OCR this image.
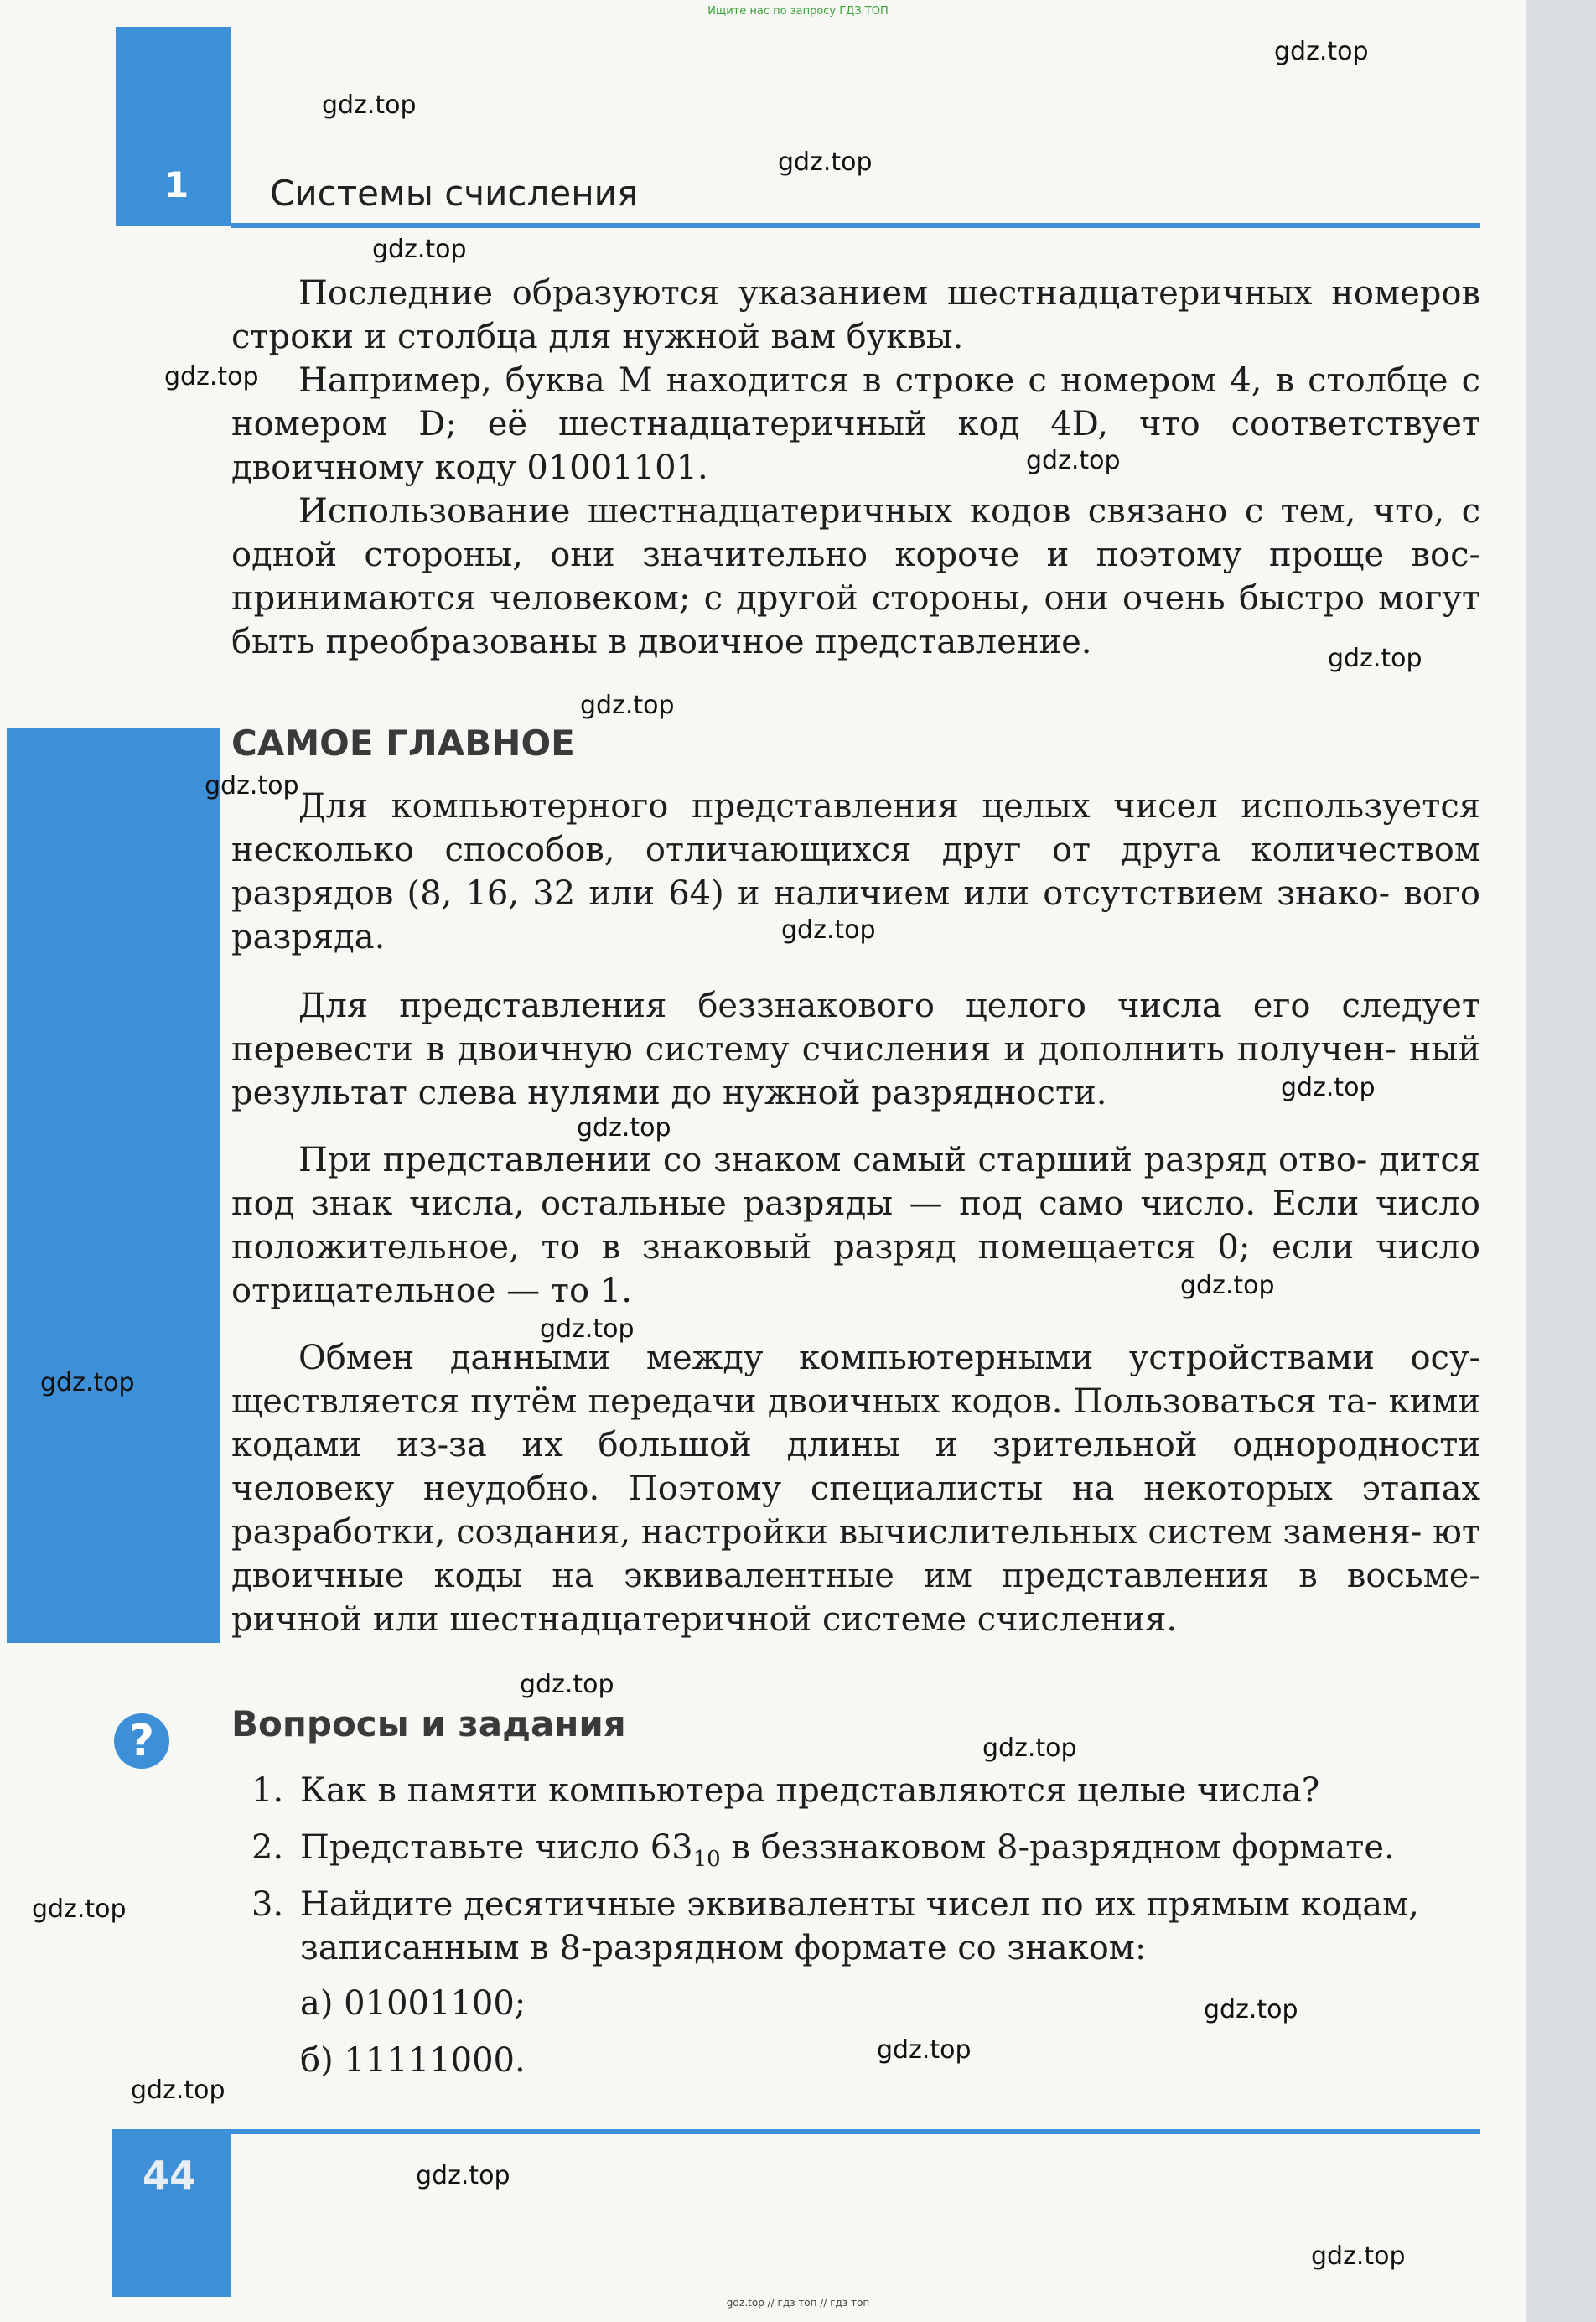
Ищите нас по запросу ГДЗ ТОП
1 Системы счисления

Последние образуются указанием шестнадцатеричных номеров строки и столбца для нужной вам буквы.

Например, буква M находится в строке с номером 4, в столбце с номером D; её шестнадцатеричный код 4D, что соответствует двоичному коду 01001101.

Использование шестнадцатеричных кодов связано с тем, что, с одной стороны, они значительно короче и поэтому проще вос- принимаются человеком; с другой стороны, они очень быстро могут быть преобразованы в двоичное представление.

САМОЕ ГЛАВНОЕ

Для компьютерного представления целых чисел используется несколько способов, отличающихся друг от друга количеством разрядов (8, 16, 32 или 64) и наличием или отсутствием знако- вого разряда.

Для представления беззнакового целого числа его следует перевести в двоичную систему счисления и дополнить получен- ный результат слева нулями до нужной разрядности.

При представлении со знаком самый старший разряд отво- дится под знак числа, остальные разряды — под само число. Если число положительное, то в знаковый разряд помещается 0; если число отрицательное — то 1.

Обмен данными между компьютерными устройствами осу- ществляется путём передачи двоичных кодов. Пользоваться та- кими кодами из-за их большой длины и зрительной однородности человеку неудобно. Поэтому специалисты на некоторых этапах разработки, создания, настройки вычислительных систем заменя- ют двоичные коды на эквивалентные им представления в восьме- ричной или шестнадцатеричной системе счисления.

?	Вопросы и задания

1. Как в памяти компьютера представляются целые числа?

2. Представьте число $63_{10}$ в беззнаковом 8-разрядном формате.

3. Найдите десятичные эквиваленты чисел по их прямым кодам,

записанным в 8-разрядном формате со знаком:

а) 01001100;

б) 11111000.

44
gdz.top // гдз топ // гдз топ
gdz.top
gdz.top
gdz.top
gdz.top
gdz.top
gdz.top
gdz.top
gdz.top
gdz.top
gdz.top
gdz.top
gdz.top
gdz.top
gdz.top
gdz.top
gdz.top
gdz.top
gdz.top
gdz.top
gdz.top
gdz.top
gdz.top
gdz.top
